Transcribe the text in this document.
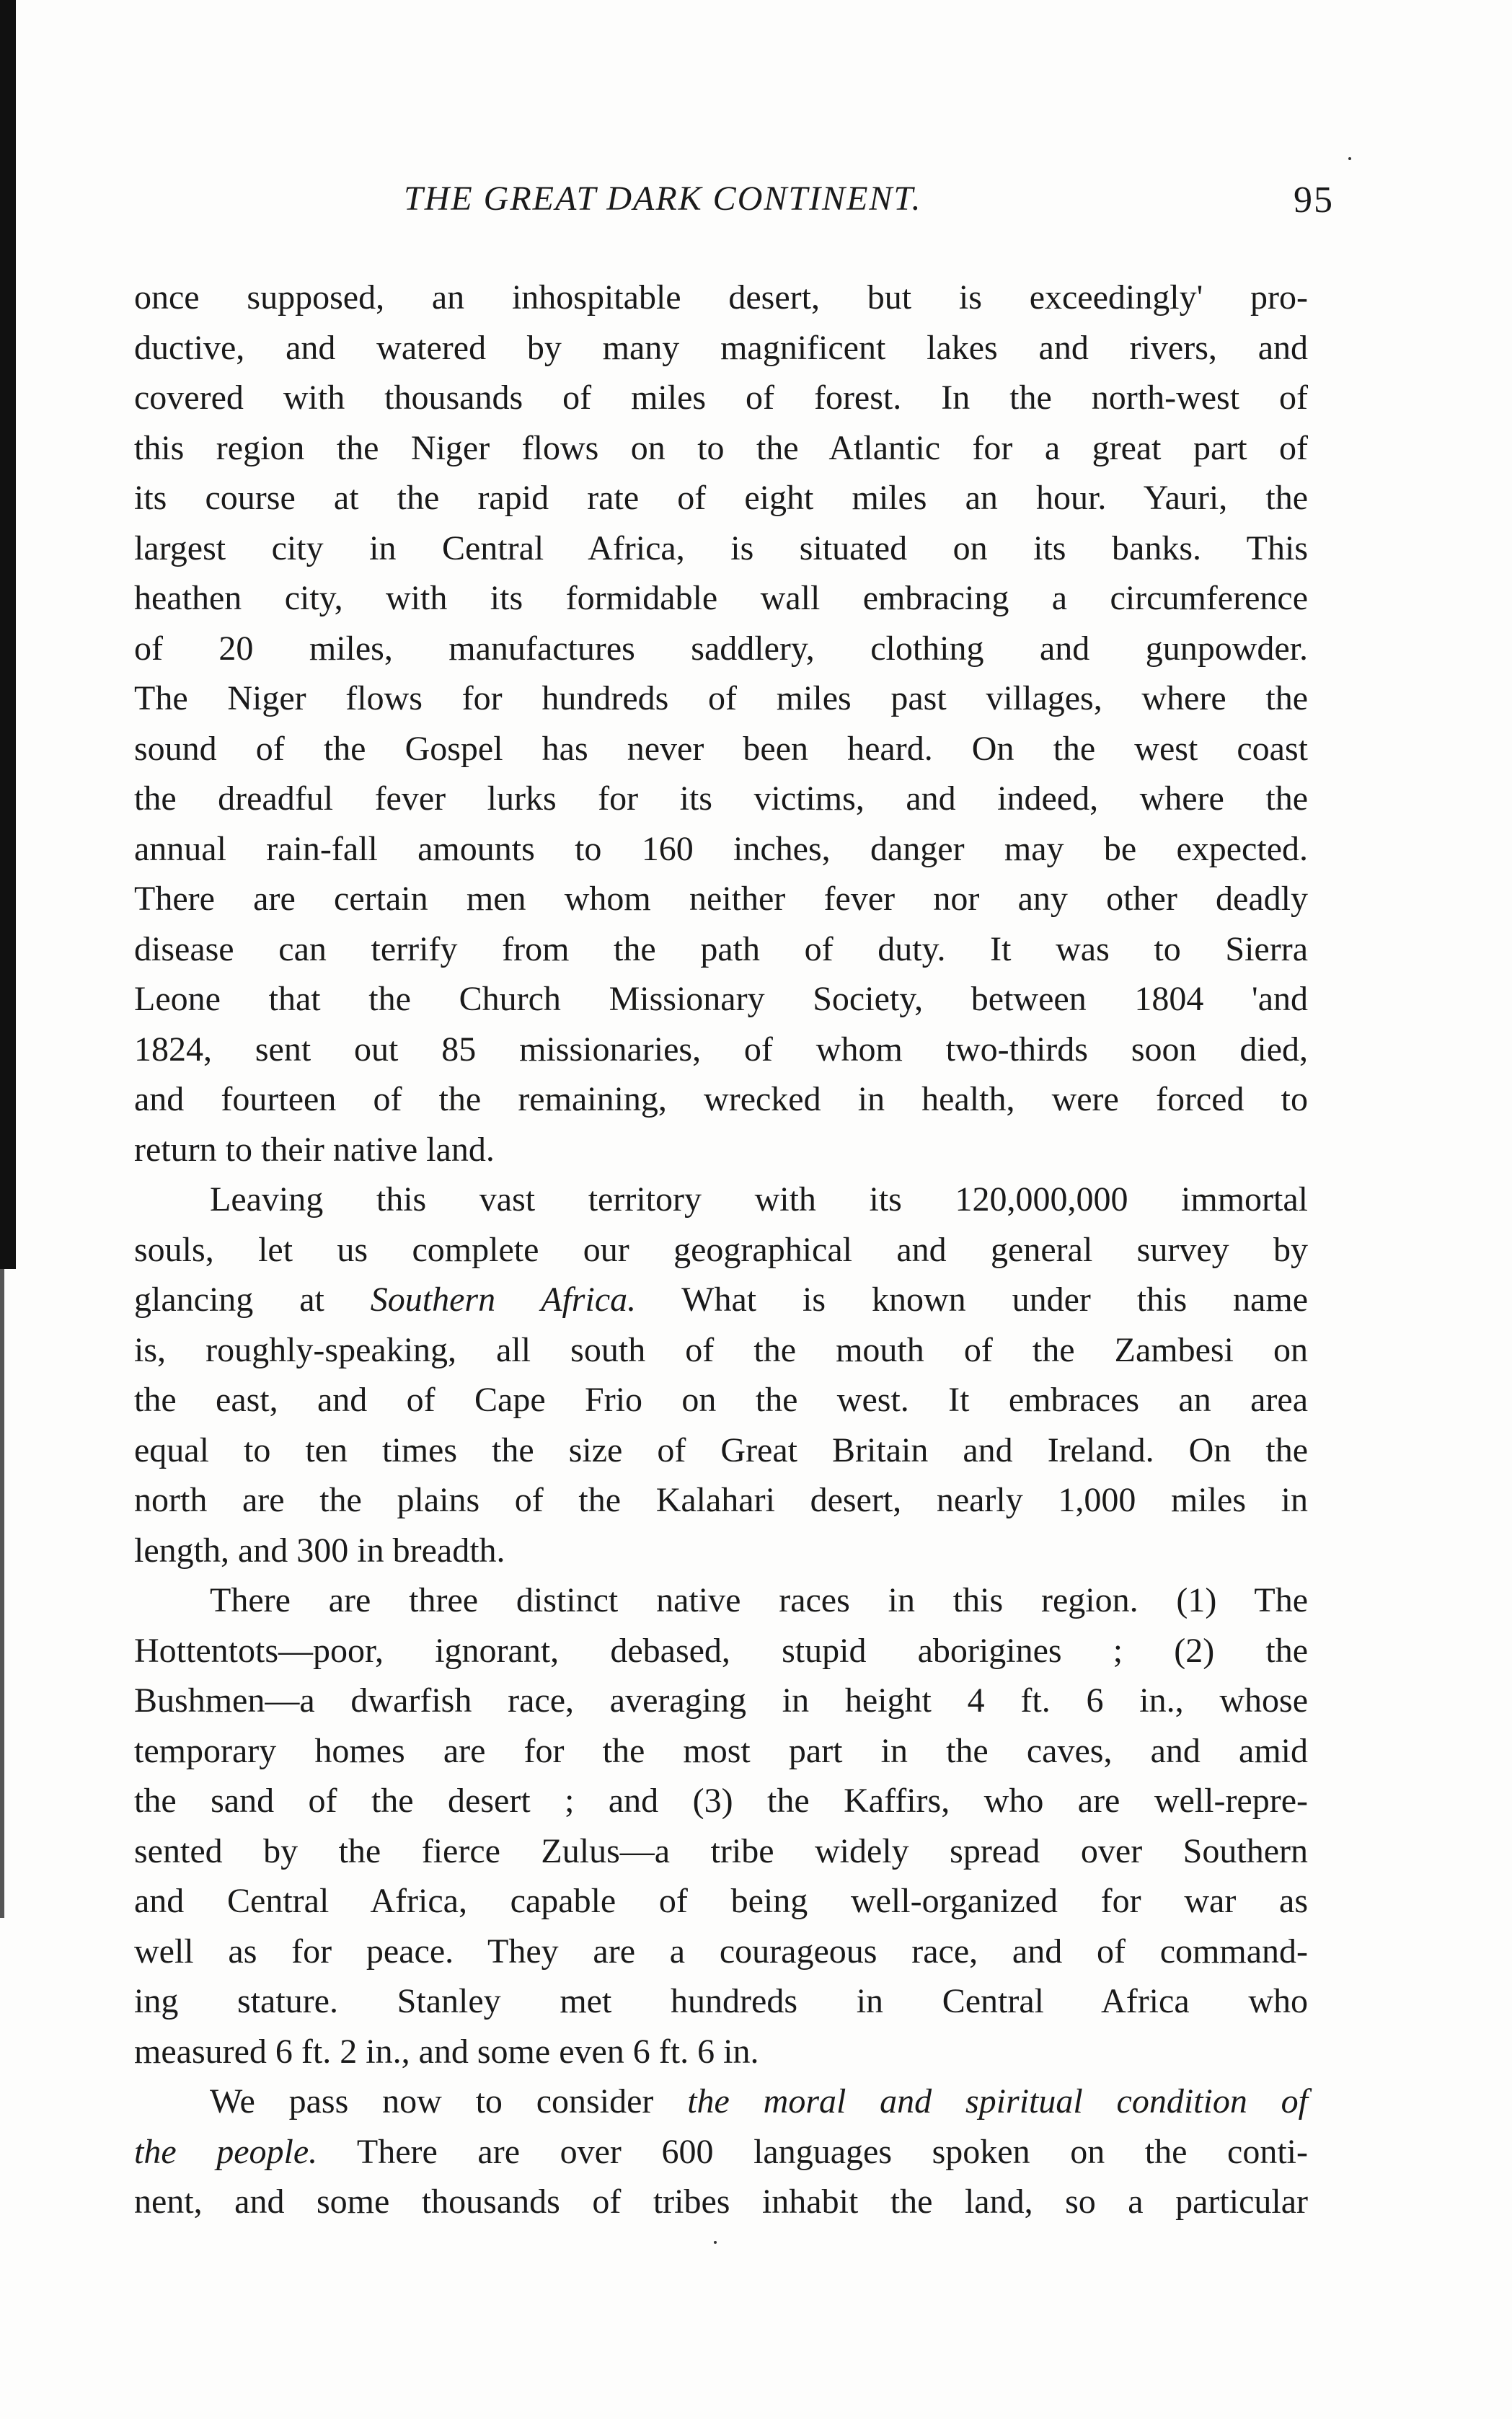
THE GREAT DARK CONTINENT.	95
once supposed, an inhospitable desert, but is exceedingly' pro-
ductive, and watered by many magnificent lakes and rivers, and
covered with thousands of miles of forest. In the north-west of
this region the Niger flows on to the Atlantic for a great part of
its course at the rapid rate of eight miles an hour. Yauri, the
largest city in Central Africa, is situated on its banks. This
heathen city, with its formidable wall embracing a circumference
of 20 miles, manufactures saddlery, clothing and gunpowder.
The Niger flows for hundreds of miles past villages, where the
sound of the Gospel has never been heard. On the west coast
the dreadful fever lurks for its victims, and indeed, where the
annual rain-fall amounts to 160 inches, danger may be expected.
There are certain men whom neither fever nor any other deadly
disease can terrify from the path of duty. It was to Sierra
Leone that the Church Missionary Society, between 1804 'and
1824, sent out 85 missionaries, of whom two-thirds soon died,
and fourteen of the remaining, wrecked in health, were forced to
return to their native land.
Leaving this vast territory with its 120,000,000 immortal
souls, let us complete our geographical and general survey by
glancing at Southern Africa. What is known under this name
is, roughly-speaking, all south of the mouth of the Zambesi on
the east, and of Cape Frio on the west. It embraces an area
equal to ten times the size of Great Britain and Ireland. On the
north are the plains of the Kalahari desert, nearly 1,000 miles in
length, and 300 in breadth.
There are three distinct native races in this region. (1) The
Hottentots—poor, ignorant, debased, stupid aborigines ; (2) the
Bushmen—a dwarfish race, averaging in height 4 ft. 6 in., whose
temporary homes are for the most part in the caves, and amid
the sand of the desert ; and (3) the Kaffirs, who are well-repre-
sented by the fierce Zulus—a tribe widely spread over Southern
and Central Africa, capable of being well-organized for war as
well as for peace. They are a courageous race, and of command-
ing stature. Stanley met hundreds in Central Africa who
measured 6 ft. 2 in., and some even 6 ft. 6 in.
We pass now to consider the moral and spiritual condition of
the people. There are over 600 languages spoken on the conti-
nent, and some thousands of tribes inhabit the land, so a particular
